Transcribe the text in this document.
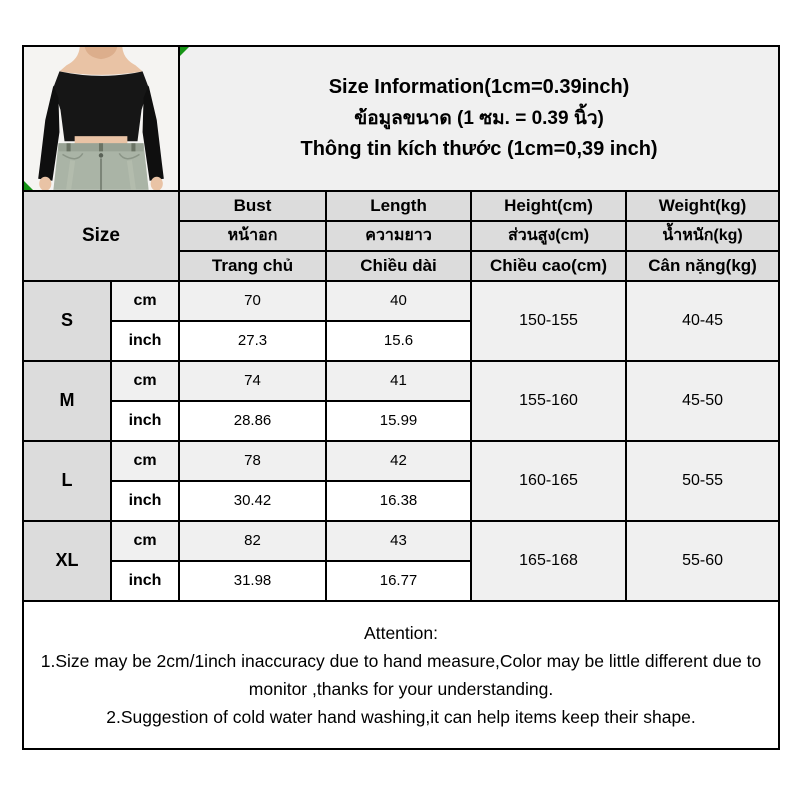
Size Information(1cm=0.39inch)
ข้อมูลขนาด (1 ซม. = 0.39 นิ้ว)
Thông tin kích thước (1cm=0,39 inch)			

Size		Bust	Length	Height(cm)	Weight(kg)
		หน้าอก	ความยาว	ส่วนสูง(cm)	น้ำหนัก(kg)
		Trang chủ	Chiều dài	Chiều cao(cm)	Cân nặng(kg)
S	cm	70	40	150-155	40-45
	inch	27.3	15.6		
M	cm	74	41	155-160	45-50
	inch	28.86	15.99		
L	cm	78	42	160-165	50-55
	inch	30.42	16.38		
XL	cm	82	43	165-168	55-60
	inch	31.98	16.77		

Attention:
1.Size may be 2cm/1inch inaccuracy due to hand measure,Color may be little different due to monitor ,thanks for your understanding.
2.Suggestion of cold water hand washing,it can help items keep their shape.					
